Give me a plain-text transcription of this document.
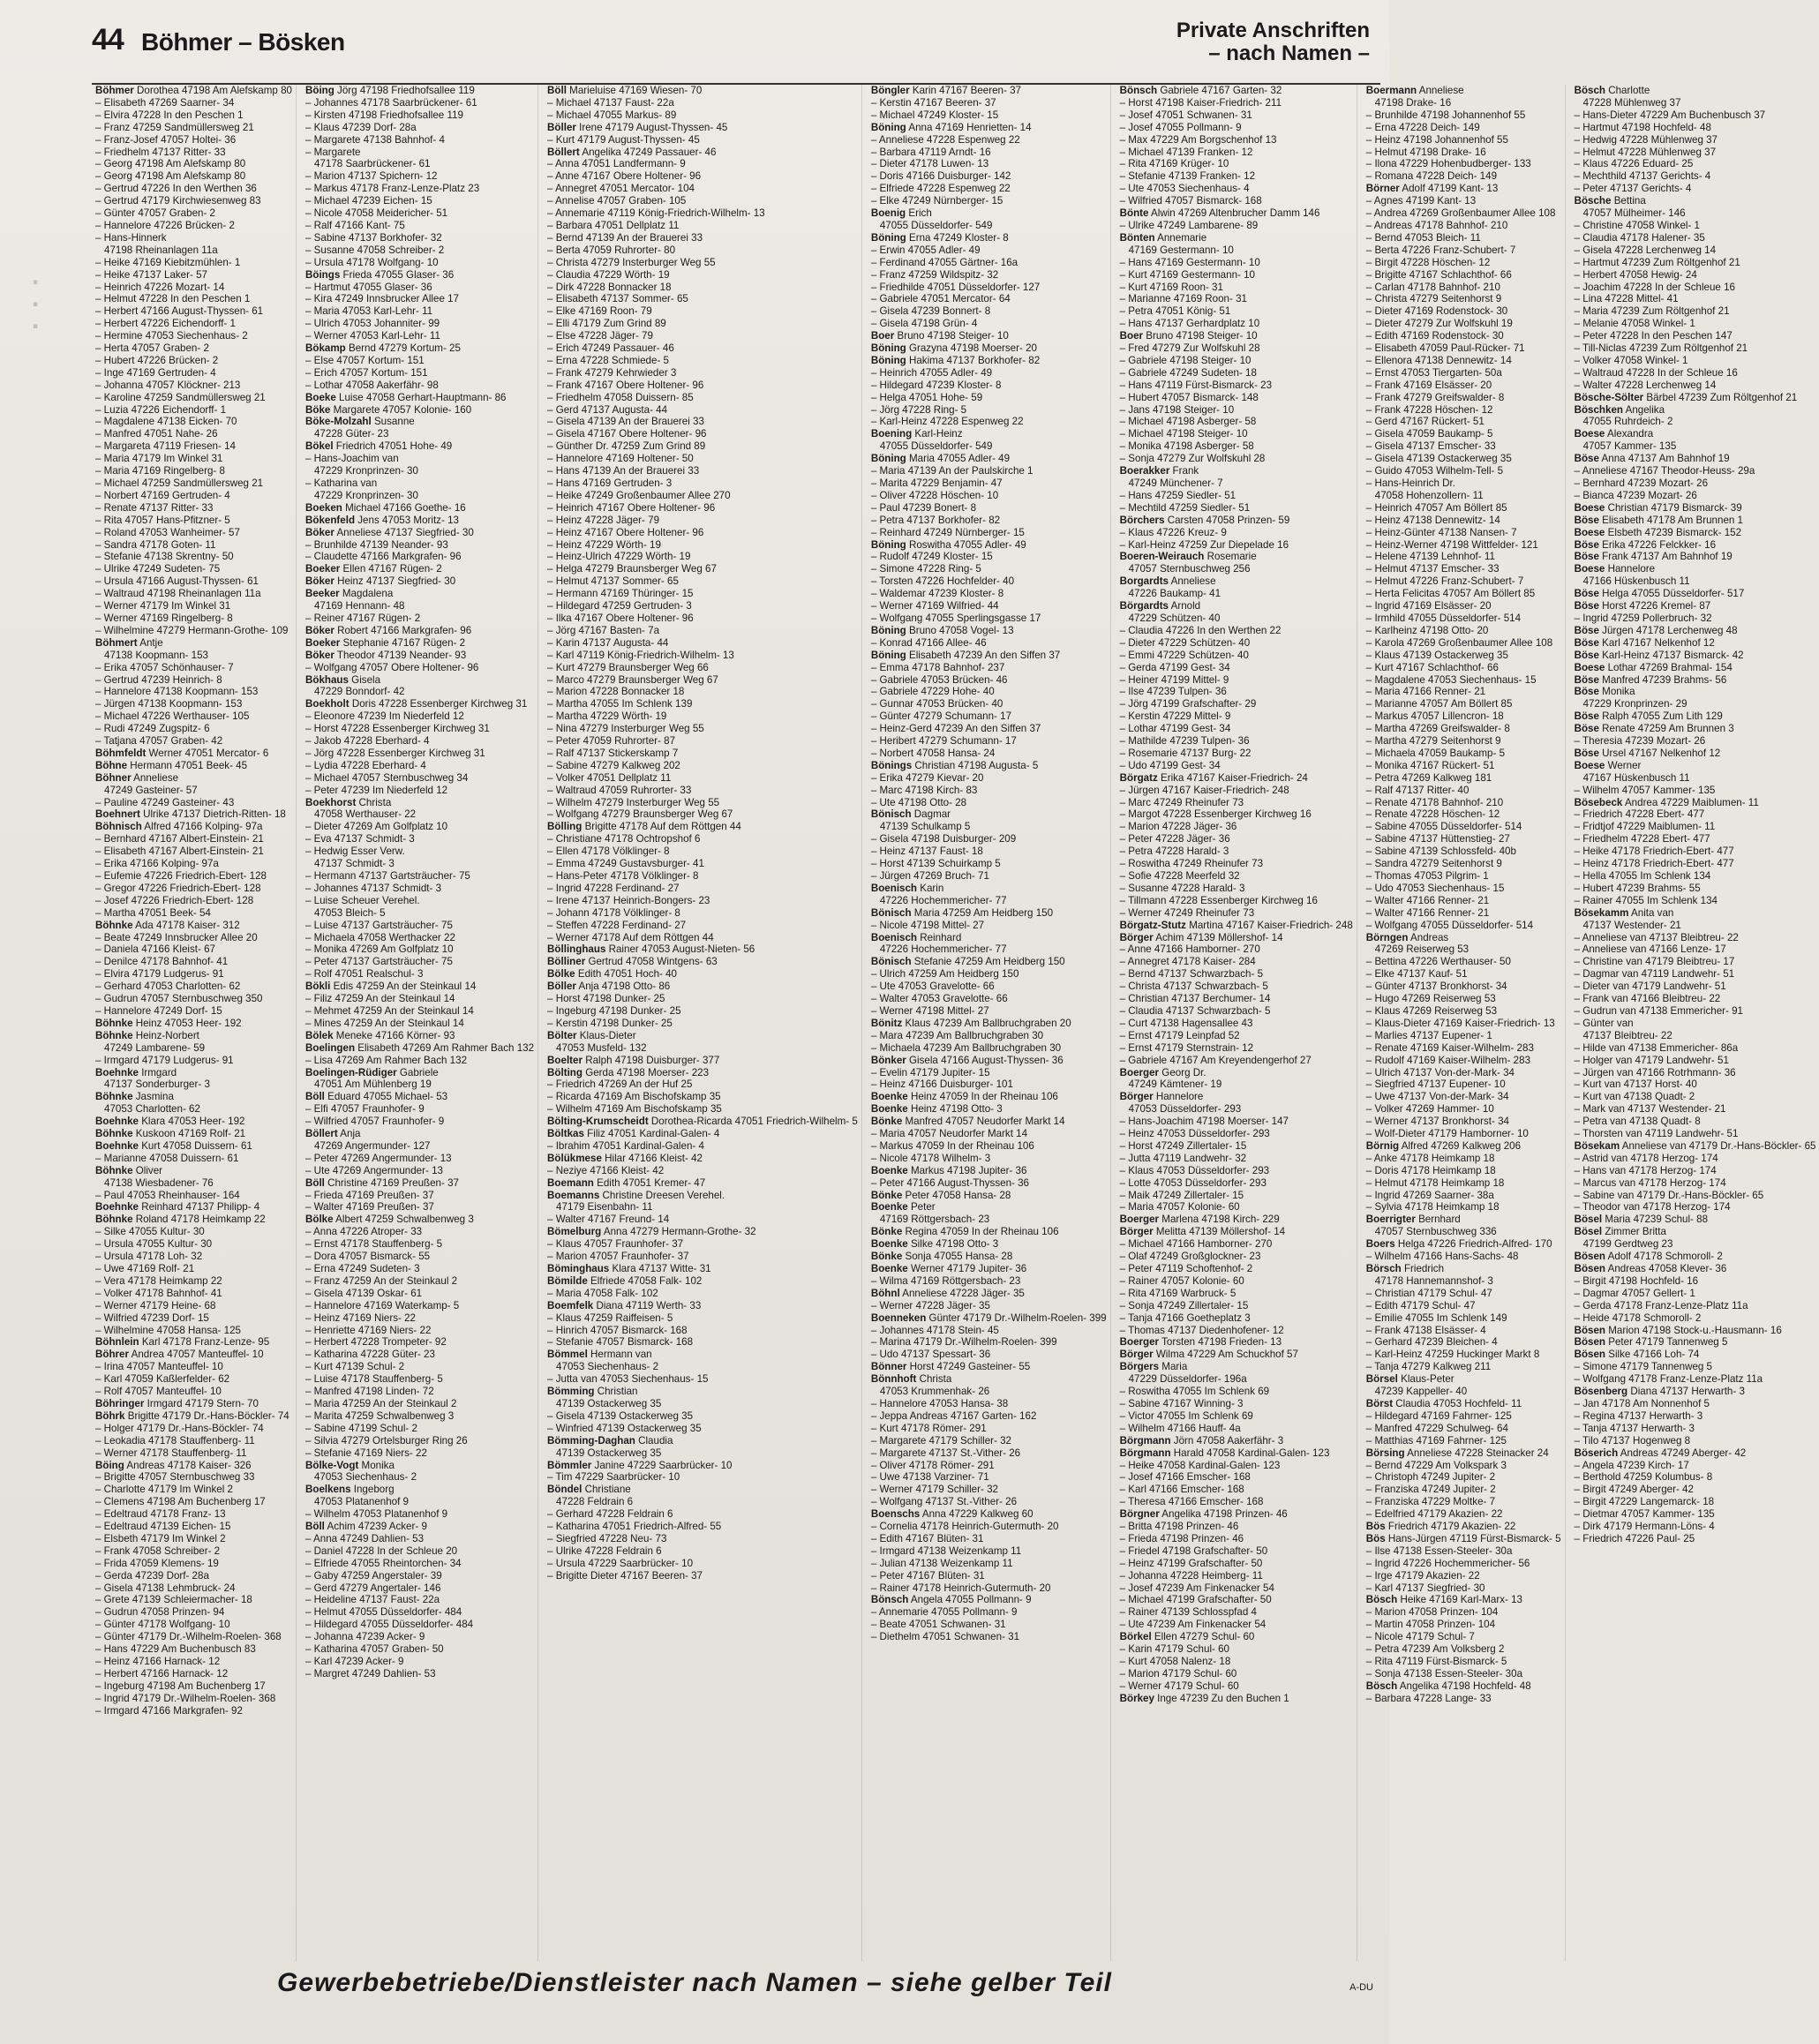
▪ ▪ ▪
44 Böhmer – Bösken	Private Anschriften
– nach Namen –
Böhmer Dorothea 47198 Am Alefskamp 80
– Elisabeth 47269 Saarner- 34
– Elvira 47228 In den Peschen 1
– Franz 47259 Sandmüllersweg 21
– Franz-Josef 47057 Holtei- 36
– Friedhelm 47137 Ritter- 33
– Georg 47198 Am Alefskamp 80
– Georg 47198 Am Alefskamp 80
– Gertrud 47226 In den Werthen 36
– Gertrud 47179 Kirchwiesenweg 83
– Günter 47057 Graben- 2
– Hannelore 47226 Brücken- 2
– Hans-Hinnerk
47198 Rheinanlagen 11a
– Heike 47169 Kiebitzmühlen- 1
– Heike 47137 Laker- 57
– Heinrich 47226 Mozart- 14
– Helmut 47228 In den Peschen 1
– Herbert 47166 August-Thyssen- 61
– Herbert 47226 Eichendorff- 1
– Hermine 47053 Siechenhaus- 2
– Herta 47057 Graben- 2
– Hubert 47226 Brücken- 2
– Inge 47169 Gertruden- 4
– Johanna 47057 Klöckner- 213
– Karoline 47259 Sandmüllersweg 21
– Luzia 47226 Eichendorff- 1
– Magdalene 47138 Eicken- 70
– Manfred 47051 Nahe- 26
– Margareta 47119 Friesen- 14
– Maria 47179 Im Winkel 31
– Maria 47169 Ringelberg- 8
– Michael 47259 Sandmüllersweg 21
– Norbert 47169 Gertruden- 4
– Renate 47137 Ritter- 33
– Rita 47057 Hans-Pfitzner- 5
– Roland 47053 Wanheimer- 57
– Sandra 47178 Goten- 11
– Stefanie 47138 Skrentny- 50
– Ulrike 47249 Sudeten- 75
– Ursula 47166 August-Thyssen- 61
– Waltraud 47198 Rheinanlagen 11a
– Werner 47179 Im Winkel 31
– Werner 47169 Ringelberg- 8
– Wilhelmine 47279 Hermann-Grothe- 109
Böhmert Antje
47138 Koopmann- 153
– Erika 47057 Schönhauser- 7
– Gertrud 47239 Heinrich- 8
– Hannelore 47138 Koopmann- 153
– Jürgen 47138 Koopmann- 153
– Michael 47226 Werthauser- 105
– Rudi 47249 Zugspitz- 6
– Tatjana 47057 Graben- 42
Böhmfeldt Werner 47051 Mercator- 6
Böhne Hermann 47051 Beek- 45
Böhner Anneliese
47249 Gasteiner- 57
– Pauline 47249 Gasteiner- 43
Boehnert Ulrike 47137 Dietrich-Ritten- 18
Böhnisch Alfred 47166 Kolping- 97a
– Bernhard 47167 Albert-Einstein- 21
– Elisabeth 47167 Albert-Einstein- 21
– Erika 47166 Kolping- 97a
– Eufemie 47226 Friedrich-Ebert- 128
– Gregor 47226 Friedrich-Ebert- 128
– Josef 47226 Friedrich-Ebert- 128
– Martha 47051 Beek- 54
Böhnke Ada 47178 Kaiser- 312
– Beate 47249 Innsbrucker Allee 20
– Daniela 47166 Kleist- 67
– Denilce 47178 Bahnhof- 41
– Elvira 47179 Ludgerus- 91
– Gerhard 47053 Charlotten- 62
– Gudrun 47057 Sternbuschweg 350
– Hannelore 47249 Dorf- 15
Böhnke Heinz 47053 Heer- 192
Böhnke Heinz-Norbert
47249 Lambarene- 59
– Irmgard 47179 Ludgerus- 91
Boehnke Irmgard
47137 Sonderburger- 3
Böhnke Jasmina
47053 Charlotten- 62
Boehnke Klara 47053 Heer- 192
Böhnke Kuskoon 47169 Rolf- 21
Boehnke Kurt 47058 Duissern- 61
– Marianne 47058 Duissern- 61
Böhnke Oliver
47138 Wiesbadener- 76
– Paul 47053 Rheinhauser- 164
Boehnke Reinhard 47137 Philipp- 4
Böhnke Roland 47178 Heimkamp 22
– Silke 47055 Kultur- 30
– Ursula 47055 Kultur- 30
– Ursula 47178 Loh- 32
– Uwe 47169 Rolf- 21
– Vera 47178 Heimkamp 22
– Volker 47178 Bahnhof- 41
– Werner 47179 Heine- 68
– Wilfried 47239 Dorf- 15
– Wilhelmine 47058 Hansa- 125
Böhnlein Karl 47178 Franz-Lenze- 95
Böhrer Andrea 47057 Manteuffel- 10
– Irina 47057 Manteuffel- 10
– Karl 47059 Kaßlerfelder- 62
– Rolf 47057 Manteuffel- 10
Böhringer Irmgard 47179 Stern- 70
Böhrk Brigitte 47179 Dr.-Hans-Böckler- 74
– Holger 47179 Dr.-Hans-Böckler- 74
– Leokadia 47178 Stauffenberg- 11
– Werner 47178 Stauffenberg- 11
Böing Andreas 47178 Kaiser- 326
– Brigitte 47057 Sternbuschweg 33
– Charlotte 47179 Im Winkel 2
– Clemens 47198 Am Buchenberg 17
– Edeltraud 47178 Franz- 13
– Edeltraud 47139 Eichen- 15
– Elsbeth 47179 Im Winkel 2
– Frank 47058 Schreiber- 2
– Frida 47059 Klemens- 19
– Gerda 47239 Dorf- 28a
– Gisela 47138 Lehmbruck- 24
– Grete 47139 Schleiermacher- 18
– Gudrun 47058 Prinzen- 94
– Günter 47178 Wolfgang- 10
– Günter 47179 Dr.-Wilhelm-Roelen- 368
– Hans 47229 Am Buchenbusch 83
– Heinz 47166 Harnack- 12
– Herbert 47166 Harnack- 12
– Ingeburg 47198 Am Buchenberg 17
– Ingrid 47179 Dr.-Wilhelm-Roelen- 368
– Irmgard 47166 Markgrafen- 92
Böing Jörg 47198 Friedhofsallee 119
– Johannes 47178 Saarbrückener- 61
– Kirsten 47198 Friedhofsallee 119
– Klaus 47239 Dorf- 28a
– Margarete 47138 Bahnhof- 4
– Margarete
47178 Saarbrückener- 61
– Marion 47137 Spichern- 12
– Markus 47178 Franz-Lenze-Platz 23
– Michael 47239 Eichen- 15
– Nicole 47058 Meidericher- 51
– Ralf 47166 Kant- 75
– Sabine 47137 Borkhofer- 32
– Susanne 47058 Schreiber- 2
– Ursula 47178 Wolfgang- 10
Böings Frieda 47055 Glaser- 36
– Hartmut 47055 Glaser- 36
– Kira 47249 Innsbrucker Allee 17
– Maria 47053 Karl-Lehr- 11
– Ulrich 47053 Johanniter- 99
– Werner 47053 Karl-Lehr- 11
Bökamp Bernd 47279 Kortum- 25
– Else 47057 Kortum- 151
– Erich 47057 Kortum- 151
– Lothar 47058 Aakerfähr- 98
Boeke Luise 47058 Gerhart-Hauptmann- 86
Böke Margarete 47057 Kolonie- 160
Böke-Molzahl Susanne
47228 Güter- 23
Bökel Friedrich 47051 Hohe- 49
– Hans-Joachim van
47229 Kronprinzen- 30
– Katharina van
47229 Kronprinzen- 30
Boeken Michael 47166 Goethe- 16
Bökenfeld Jens 47053 Moritz- 13
Böker Anneliese 47137 Siegfried- 30
– Brunhilde 47139 Neander- 93
– Claudette 47166 Markgrafen- 96
Boeker Ellen 47167 Rügen- 2
Böker Heinz 47137 Siegfried- 30
Beeker Magdalena
47169 Hennann- 48
– Reiner 47167 Rügen- 2
Böker Robert 47166 Markgrafen- 96
Boeker Stephanie 47167 Rügen- 2
Böker Theodor 47139 Neander- 93
– Wolfgang 47057 Obere Holtener- 96
Bökhaus Gisela
47229 Bonndorf- 42
Boekholt Doris 47228 Essenberger Kirchweg 31
– Eleonore 47239 Im Niederfeld 12
– Horst 47228 Essenberger Kirchweg 31
– Jakob 47228 Eberhard- 4
– Jörg 47228 Essenberger Kirchweg 31
– Lydia 47228 Eberhard- 4
– Michael 47057 Sternbuschweg 34
– Peter 47239 Im Niederfeld 12
Boekhorst Christa
47058 Werthauser- 22
– Dieter 47269 Am Golfplatz 10
– Eva 47137 Schmidt- 3
– Hedwig Esser Verw.
47137 Schmidt- 3
– Hermann 47137 Gartsträucher- 75
– Johannes 47137 Schmidt- 3
– Luise Scheuer Verehel.
47053 Bleich- 5
– Luise 47137 Gartsträucher- 75
– Michaela 47058 Werthacker 22
– Monika 47269 Am Golfplatz 10
– Peter 47137 Gartsträucher- 75
– Rolf 47051 Realschul- 3
Bökli Edis 47259 An der Steinkaul 14
– Filiz 47259 An der Steinkaul 14
– Mehmet 47259 An der Steinkaul 14
– Mines 47259 An der Steinkaul 14
Bölek Meneke 47166 Körner- 93
Boelingen Elisabeth 47269 Am Rahmer Bach 132
– Lisa 47269 Am Rahmer Bach 132
Boelingen-Rüdiger Gabriele
47051 Am Mühlenberg 19
Böll Eduard 47055 Michael- 53
– Elfi 47057 Fraunhofer- 9
– Wilfried 47057 Fraunhofer- 9
Böllert Anja
47269 Angermunder- 127
– Peter 47269 Angermunder- 13
– Ute 47269 Angermunder- 13
Böll Christine 47169 Preußen- 37
– Frieda 47169 Preußen- 37
– Walter 47169 Preußen- 37
Bölke Albert 47259 Schwalbenweg 3
– Anna 47226 Atroper- 33
– Ernst 47178 Stauffenberg- 5
– Dora 47057 Bismarck- 55
– Erna 47249 Sudeten- 3
– Franz 47259 An der Steinkaul 2
– Gisela 47139 Oskar- 61
– Hannelore 47169 Waterkamp- 5
– Heinz 47169 Niers- 22
– Henriette 47169 Niers- 22
– Herbert 47228 Trompeter- 92
– Katharina 47228 Güter- 23
– Kurt 47139 Schul- 2
– Luise 47178 Stauffenberg- 5
– Manfred 47198 Linden- 72
– Maria 47259 An der Steinkaul 2
– Marita 47259 Schwalbenweg 3
– Sabine 47199 Schul- 2
– Silvia 47279 Ortelsburger Ring 26
– Stefanie 47169 Niers- 22
Bölke-Vogt Monika
47053 Siechenhaus- 2
Boelkens Ingeborg
47053 Platanenhof 9
– Wilhelm 47053 Platanenhof 9
Böll Achim 47239 Acker- 9
– Anna 47249 Dahlien- 53
– Daniel 47228 In der Schleue 20
– Elfriede 47055 Rheintorchen- 34
– Gaby 47259 Angerstaler- 39
– Gerd 47279 Angertaler- 146
– Heideline 47137 Faust- 22a
– Helmut 47055 Düsseldorfer- 484
– Hildegard 47055 Düsseldorfer- 484
– Johanna 47239 Acker- 9
– Katharina 47057 Graben- 50
– Karl 47239 Acker- 9
– Margret 47249 Dahlien- 53
Böll Marieluise 47169 Wiesen- 70
– Michael 47137 Faust- 22a
– Michael 47055 Markus- 89
Böller Irene 47179 August-Thyssen- 45
– Kurt 47179 August-Thyssen- 45
Böllert Angelika 47249 Passauer- 46
– Anna 47051 Landfermann- 9
– Anne 47167 Obere Holtener- 96
– Annegret 47051 Mercator- 104
– Annelise 47057 Graben- 105
– Annemarie 47119 König-Friedrich-Wilhelm- 13
– Barbara 47051 Dellplatz 11
– Bernd 47139 An der Brauerei 33
– Berta 47059 Ruhrorter- 80
– Christa 47279 Insterburger Weg 55
– Claudia 47229 Wörth- 19
– Dirk 47228 Bonnacker 18
– Elisabeth 47137 Sommer- 65
– Elke 47169 Roon- 79
– Elli 47179 Zum Grind 89
– Else 47228 Jäger- 79
– Erich 47249 Passauer- 46
– Erna 47228 Schmiede- 5
– Frank 47279 Kehrwieder 3
– Frank 47167 Obere Holtener- 96
– Friedhelm 47058 Duissern- 85
– Gerd 47137 Augusta- 44
– Gisela 47139 An der Brauerei 33
– Gisela 47167 Obere Holtener- 96
– Günther Dr. 47259 Zum Grind 89
– Hannelore 47169 Holtener- 50
– Hans 47139 An der Brauerei 33
– Hans 47169 Gertruden- 3
– Heike 47249 Großenbaumer Allee 270
– Heinrich 47167 Obere Holtener- 96
– Heinz 47228 Jäger- 79
– Heinz 47167 Obere Holtener- 96
– Heinz 47229 Wörth- 19
– Heinz-Ulrich 47229 Wörth- 19
– Helga 47279 Braunsberger Weg 67
– Helmut 47137 Sommer- 65
– Hermann 47169 Thüringer- 15
– Hildegard 47259 Gertruden- 3
– Ilka 47167 Obere Holtener- 96
– Jörg 47167 Basten- 7a
– Karin 47137 Augusta- 44
– Karl 47119 König-Friedrich-Wilhelm- 13
– Kurt 47279 Braunsberger Weg 66
– Marco 47279 Braunsberger Weg 67
– Marion 47228 Bonnacker 18
– Martha 47055 Im Schlenk 139
– Martha 47229 Wörth- 19
– Nina 47279 Insterburger Weg 55
– Peter 47059 Ruhrorter- 87
– Ralf 47137 Stickerskamp 7
– Sabine 47279 Kalkweg 202
– Volker 47051 Dellplatz 11
– Waltraud 47059 Ruhrorter- 33
– Wilhelm 47279 Insterburger Weg 55
– Wolfgang 47279 Braunsberger Weg 67
Bölling Brigitte 47178 Auf dem Röttgen 44
– Christiane 47178 Ochtropshof 6
– Ellen 47178 Völklinger- 8
– Emma 47249 Gustavsburger- 41
– Hans-Peter 47178 Völklinger- 8
– Ingrid 47228 Ferdinand- 27
– Irene 47137 Heinrich-Bongers- 23
– Johann 47178 Völklinger- 8
– Steffen 47228 Ferdinand- 27
– Werner 47178 Auf dem Röttgen 44
Böllinghaus Rainer 47053 August-Nieten- 56
Bölliner Gertrud 47058 Wintgens- 63
Bölke Edith 47051 Hoch- 40
Böller Anja 47198 Otto- 86
– Horst 47198 Dunker- 25
– Ingeburg 47198 Dunker- 25
– Kerstin 47198 Dunker- 25
Bölter Klaus-Dieter
47053 Musfeld- 132
Boelter Ralph 47198 Duisburger- 377
Bölting Gerda 47198 Moerser- 223
– Friedrich 47269 An der Huf 25
– Ricarda 47169 Am Bischofskamp 35
– Wilhelm 47169 Am Bischofskamp 35
Bölting-Krumscheidt Dorothea-Ricarda 47051 Friedrich-Wilhelm- 5
Böltkas Filiz 47051 Kardinal-Galen- 4
– Ibrahim 47051 Kardinal-Galen- 4
Bölükmese Hilar 47166 Kleist- 42
– Neziye 47166 Kleist- 42
Boemann Edith 47051 Kremer- 47
Boemanns Christine Dreesen Verehel.
47179 Eisenbahn- 11
– Walter 47167 Freund- 14
Bömelburg Anna 47279 Hermann-Grothe- 32
– Klaus 47057 Fraunhofer- 37
– Marion 47057 Fraunhofer- 37
Böminghaus Klara 47137 Witte- 31
Bömilde Elfriede 47058 Falk- 102
– Maria 47058 Falk- 102
Boemfelk Diana 47119 Werth- 33
– Klaus 47259 Raiffeisen- 5
– Hinrich 47057 Bismarck- 168
– Stefanie 47057 Bismarck- 168
Bömmel Hermann van
47053 Siechenhaus- 2
– Jutta van 47053 Siechenhaus- 15
Bömming Christian
47139 Ostackerweg 35
– Gisela 47139 Ostackerweg 35
– Winfried 47139 Ostackerweg 35
Bömming-Daghan Claudia
47139 Ostackerweg 35
Bömmler Janine 47229 Saarbrücker- 10
– Tim 47229 Saarbrücker- 10
Böndel Christiane
47228 Feldrain 6
– Gerhard 47228 Feldrain 6
– Katharina 47051 Friedrich-Alfred- 55
– Siegfried 47228 Neu- 73
– Ulrike 47228 Feldrain 6
– Ursula 47229 Saarbrücker- 10
– Brigitte Dieter 47167 Beeren- 37
Böngler Karin 47167 Beeren- 37
– Kerstin 47167 Beeren- 37
– Michael 47249 Kloster- 15
Böning Anna 47169 Henrietten- 14
– Anneliese 47228 Espenweg 22
– Barbara 47119 Arndt- 16
– Dieter 47178 Luwen- 13
– Doris 47166 Duisburger- 142
– Elfriede 47228 Espenweg 22
– Elke 47249 Nürnberger- 15
Boenig Erich
47055 Düsseldorfer- 549
Böning Erna 47249 Kloster- 8
– Erwin 47055 Adler- 49
– Ferdinand 47055 Gärtner- 16a
– Franz 47259 Wildspitz- 32
– Friedhilde 47051 Düsseldorfer- 127
– Gabriele 47051 Mercator- 64
– Gisela 47239 Bonnert- 8
– Gisela 47198 Grün- 4
Boer Bruno 47198 Steiger- 10
Böning Grazyna 47198 Moerser- 20
Böning Hakima 47137 Borkhofer- 82
– Heinrich 47055 Adler- 49
– Hildegard 47239 Kloster- 8
– Helga 47051 Hohe- 59
– Jörg 47228 Ring- 5
– Karl-Heinz 47228 Espenweg 22
Boening Karl-Heinz
47055 Düsseldorfer- 549
Böning Maria 47055 Adler- 49
– Maria 47139 An der Paulskirche 1
– Marita 47229 Benjamin- 47
– Oliver 47228 Höschen- 10
– Paul 47239 Bonert- 8
– Petra 47137 Borkhofer- 82
– Reinhard 47249 Nürnberger- 15
Böning Roswitha 47055 Adler- 49
– Rudolf 47249 Kloster- 15
– Simone 47228 Ring- 5
– Torsten 47226 Hochfelder- 40
– Waldemar 47239 Kloster- 8
– Werner 47169 Wilfried- 44
– Wolfgang 47055 Sperlingsgasse 17
Böning Bruno 47058 Vogel- 13
– Konrad 47166 Allee- 46
Böning Elisabeth 47239 An den Siffen 37
– Emma 47178 Bahnhof- 237
– Gabriele 47053 Brücken- 46
– Gabriele 47229 Hohe- 40
– Gunnar 47053 Brücken- 40
– Günter 47279 Schumann- 17
– Heinz-Gerd 47239 An den Siffen 37
– Heribert 47279 Schumann- 17
– Norbert 47058 Hansa- 24
Bönings Christian 47198 Augusta- 5
– Erika 47279 Kievar- 20
– Marc 47198 Kirch- 83
– Ute 47198 Otto- 28
Bönisch Dagmar
47139 Schulkamp 5
– Gisela 47198 Duisburger- 209
– Heinz 47137 Faust- 18
– Horst 47139 Schuirkamp 5
– Jürgen 47269 Bruch- 71
Boenisch Karin
47226 Hochemmericher- 77
Bönisch Maria 47259 Am Heidberg 150
– Nicole 47198 Mittel- 27
Boenisch Reinhard
47226 Hochemmericher- 77
Bönisch Stefanie 47259 Am Heidberg 150
– Ulrich 47259 Am Heidberg 150
– Ute 47053 Gravelotte- 66
– Walter 47053 Gravelotte- 66
– Werner 47198 Mittel- 27
Bönitz Klaus 47239 Am Ballbruchgraben 20
– Mara 47239 Am Ballbruchgraben 30
– Michaela 47239 Am Ballbruchgraben 30
Bönker Gisela 47166 August-Thyssen- 36
– Evelin 47179 Jupiter- 15
– Heinz 47166 Duisburger- 101
Boenke Heinz 47059 In der Rheinau 106
Boenke Heinz 47198 Otto- 3
Bönke Manfred 47057 Neudorfer Markt 14
– Maria 47057 Neudorfer Markt 14
– Markus 47059 In der Rheinau 106
– Nicole 47178 Wilhelm- 3
Boenke Markus 47198 Jupiter- 36
– Peter 47166 August-Thyssen- 36
Bönke Peter 47058 Hansa- 28
Boenke Peter
47169 Röttgersbach- 23
Bönke Regina 47059 In der Rheinau 106
Boenke Silke 47198 Otto- 3
Bönke Sonja 47055 Hansa- 28
Boenke Werner 47179 Jupiter- 36
– Wilma 47169 Röttgersbach- 23
Böhnl Anneliese 47228 Jäger- 35
– Werner 47228 Jäger- 35
Boenneken Günter 47179 Dr.-Wilhelm-Roelen- 399
– Johannes 47178 Stein- 45
– Marina 47179 Dr.-Wilhelm-Roelen- 399
– Udo 47137 Spessart- 36
Bönner Horst 47249 Gasteiner- 55
Bönnhoft Christa
47053 Krummenhak- 26
– Hannelore 47053 Hansa- 38
– Jeppa Andreas 47167 Garten- 162
– Kurt 47178 Römer- 291
– Margarete 47179 Schiller- 32
– Margarete 47137 St.-Vither- 26
– Oliver 47178 Römer- 291
– Uwe 47138 Varziner- 71
– Werner 47179 Schiller- 32
– Wolfgang 47137 St.-Vither- 26
Boenschs Anna 47229 Kalkweg 60
– Cornelia 47178 Heinrich-Gutermuth- 20
– Edith 47167 Blüten- 31
– Irmgard 47138 Weizenkamp 11
– Julian 47138 Weizenkamp 11
– Peter 47167 Blüten- 31
– Rainer 47178 Heinrich-Gutermuth- 20
Bönsch Angela 47055 Pollmann- 9
– Annemarie 47055 Pollmann- 9
– Beate 47051 Schwanen- 31
– Diethelm 47051 Schwanen- 31
Bönsch Gabriele 47167 Garten- 32
– Horst 47198 Kaiser-Friedrich- 211
– Josef 47051 Schwanen- 31
– Josef 47055 Pollmann- 9
– Max 47229 Am Borgschenhof 13
– Michael 47139 Franken- 12
– Rita 47169 Krüger- 10
– Stefanie 47139 Franken- 12
– Ute 47053 Siechenhaus- 4
– Wilfried 47057 Bismarck- 168
Bönte Alwin 47269 Altenbrucher Damm 146
– Ulrike 47249 Lambarene- 89
Bönten Annemarie
47169 Gestermann- 10
– Hans 47169 Gestermann- 10
– Kurt 47169 Gestermann- 10
– Kurt 47169 Roon- 31
– Marianne 47169 Roon- 31
– Petra 47051 König- 51
– Hans 47137 Gerhardplatz 10
Boer Bruno 47198 Steiger- 10
– Fred 47279 Zur Wolfskuhl 28
– Gabriele 47198 Steiger- 10
– Gabriele 47249 Sudeten- 18
– Hans 47119 Fürst-Bismarck- 23
– Hubert 47057 Bismarck- 148
– Jans 47198 Steiger- 10
– Michael 47198 Asberger- 58
– Michael 47198 Steiger- 10
– Monika 47198 Asberger- 58
– Sonja 47279 Zur Wolfskuhl 28
Boerakker Frank
47249 Münchener- 7
– Hans 47259 Siedler- 51
– Mechtild 47259 Siedler- 51
Börchers Carsten 47058 Prinzen- 59
– Klaus 47226 Kreuz- 9
– Karl-Heinz 47259 Zur Diepelade 16
Boeren-Weirauch Rosemarie
47057 Sternbuschweg 256
Borgardts Anneliese
47226 Baukamp- 41
Börgardts Arnold
47229 Schützen- 40
– Claudia 47226 In den Werthen 22
– Dieter 47229 Schützen- 40
– Emmi 47229 Schützen- 40
– Gerda 47199 Gest- 34
– Heiner 47199 Mittel- 9
– Ilse 47239 Tulpen- 36
– Jörg 47199 Grafschafter- 29
– Kerstin 47229 Mittel- 9
– Lothar 47199 Gest- 34
– Mathilde 47239 Tulpen- 36
– Rosemarie 47137 Burg- 22
– Udo 47199 Gest- 34
Börgatz Erika 47167 Kaiser-Friedrich- 24
– Jürgen 47167 Kaiser-Friedrich- 248
– Marc 47249 Rheinufer 73
– Margot 47228 Essenberger Kirchweg 16
– Marion 47228 Jäger- 36
– Peter 47228 Jäger- 36
– Petra 47228 Harald- 3
– Roswitha 47249 Rheinufer 73
– Sofie 47228 Meerfeld 32
– Susanne 47228 Harald- 3
– Tillmann 47228 Essenberger Kirchweg 16
– Werner 47249 Rheinufer 73
Börgatz-Stutz Martina 47167 Kaiser-Friedrich- 248
Börger Achim 47139 Möllershof- 14
– Anne 47166 Hamborner- 270
– Annegret 47178 Kaiser- 284
– Bernd 47137 Schwarzbach- 5
– Christa 47137 Schwarzbach- 5
– Christian 47137 Berchumer- 14
– Claudia 47137 Schwarzbach- 5
– Curt 47138 Hagensallee 43
– Ernst 47179 Leinpfad 52
– Ernst 47179 Sternstrain- 12
– Gabriele 47167 Am Kreyendengerhof 27
Boerger Georg Dr.
47249 Kämtener- 19
Börger Hannelore
47053 Düsseldorfer- 293
– Hans-Joachim 47198 Moerser- 147
– Heinz 47053 Düsseldorfer- 293
– Horst 47249 Zillertaler- 15
– Jutta 47119 Landwehr- 32
– Klaus 47053 Düsseldorfer- 293
– Lotte 47053 Düsseldorfer- 293
– Maik 47249 Zillertaler- 15
– Maria 47057 Kolonie- 60
Boerger Marlena 47198 Kirch- 229
Börger Melitta 47139 Möllershof- 14
– Michael 47166 Hamborner- 270
– Olaf 47249 Großglockner- 23
– Peter 47119 Schoftenhof- 2
– Rainer 47057 Kolonie- 60
– Rita 47169 Warbruck- 5
– Sonja 47249 Zillertaler- 15
– Tanja 47166 Goetheplatz 3
– Thomas 47137 Diedenhofener- 12
Boerger Torsten 47198 Frieden- 13
Börger Wilma 47229 Am Schuckhof 57
Börgers Maria
47229 Düsseldorfer- 196a
– Roswitha 47055 Im Schlenk 69
– Sabine 47167 Winning- 3
– Victor 47055 Im Schlenk 69
– Wilhelm 47166 Hauff- 4a
Börgmann Jörn 47058 Aakerfähr- 3
Börgmann Harald 47058 Kardinal-Galen- 123
– Heike 47058 Kardinal-Galen- 123
– Josef 47166 Emscher- 168
– Karl 47166 Emscher- 168
– Theresa 47166 Emscher- 168
Börgner Angelika 47198 Prinzen- 46
– Britta 47198 Prinzen- 46
– Frieda 47198 Prinzen- 46
– Friedel 47198 Grafschafter- 50
– Heinz 47199 Grafschafter- 50
– Johanna 47228 Heimberg- 11
– Josef 47239 Am Finkenacker 54
– Michael 47199 Grafschafter- 50
– Rainer 47139 Schlosspfad 4
– Ute 47239 Am Finkenacker 54
Börkel Ellen 47279 Schul- 60
– Karin 47179 Schul- 60
– Kurt 47058 Nalenz- 18
– Marion 47179 Schul- 60
– Werner 47179 Schul- 60
Börkey Inge 47239 Zu den Buchen 1
Boermann Anneliese
47198 Drake- 16
– Brunhilde 47198 Johannenhof 55
– Erna 47228 Deich- 149
– Heinz 47198 Johannenhof 55
– Helmut 47198 Drake- 16
– Ilona 47229 Hohenbudberger- 133
– Romana 47228 Deich- 149
Börner Adolf 47199 Kant- 13
– Agnes 47199 Kant- 13
– Andrea 47269 Großenbaumer Allee 108
– Andreas 47178 Bahnhof- 210
– Bernd 47053 Bleich- 11
– Berta 47226 Franz-Schubert- 7
– Birgit 47228 Höschen- 12
– Brigitte 47167 Schlachthof- 66
– Carlan 47178 Bahnhof- 210
– Christa 47279 Seitenhorst 9
– Dieter 47169 Rodenstock- 30
– Dieter 47279 Zur Wolfskuhl 19
– Edith 47169 Rodenstock- 30
– Elisabeth 47059 Paul-Rücker- 71
– Ellenora 47138 Dennewitz- 14
– Ernst 47053 Tiergarten- 50a
– Frank 47169 Elsässer- 20
– Frank 47279 Greifswalder- 8
– Frank 47228 Höschen- 12
– Gerd 47167 Rückert- 51
– Gisela 47059 Baukamp- 5
– Gisela 47137 Emscher- 33
– Gisela 47139 Ostackerweg 35
– Guido 47053 Wilhelm-Tell- 5
– Hans-Heinrich Dr.
47058 Hohenzollern- 11
– Heinrich 47057 Am Böllert 85
– Heinz 47138 Dennewitz- 14
– Heinz-Günter 47138 Nansen- 7
– Heinz-Werner 47198 Wittfelder- 121
– Helene 47139 Lehnhof- 11
– Helmut 47137 Emscher- 33
– Helmut 47226 Franz-Schubert- 7
– Herta Felicitas 47057 Am Böllert 85
– Ingrid 47169 Elsässer- 20
– Irmhild 47055 Düsseldorfer- 514
– Karlheinz 47198 Otto- 20
– Karola 47269 Großenbaumer Allee 108
– Klaus 47139 Ostackerweg 35
– Kurt 47167 Schlachthof- 66
– Magdalene 47053 Siechenhaus- 15
– Maria 47166 Renner- 21
– Marianne 47057 Am Böllert 85
– Markus 47057 Lillencron- 18
– Martha 47269 Greifswalder- 8
– Martha 47279 Seitenhorst 9
– Michaela 47059 Baukamp- 5
– Monika 47167 Rückert- 51
– Petra 47269 Kalkweg 181
– Ralf 47137 Ritter- 40
– Renate 47178 Bahnhof- 210
– Renate 47228 Höschen- 12
– Sabine 47055 Düsseldorfer- 514
– Sabine 47137 Hüttenstieg- 27
– Sabine 47139 Schlossfeld- 40b
– Sandra 47279 Seitenhorst 9
– Thomas 47053 Pilgrim- 1
– Udo 47053 Siechenhaus- 15
– Walter 47166 Renner- 21
– Walter 47166 Renner- 21
– Wolfgang 47055 Düsseldorfer- 514
Börngen Andreas
47269 Reiserweg 53
– Bettina 47226 Werthauser- 50
– Elke 47137 Kauf- 51
– Günter 47137 Bronkhorst- 34
– Hugo 47269 Reiserweg 53
– Klaus 47269 Reiserweg 53
– Klaus-Dieter 47169 Kaiser-Friedrich- 13
– Marlies 47137 Eupener- 1
– Renate 47169 Kaiser-Wilhelm- 283
– Rudolf 47169 Kaiser-Wilhelm- 283
– Ulrich 47137 Von-der-Mark- 34
– Siegfried 47137 Eupener- 10
– Uwe 47137 Von-der-Mark- 34
– Volker 47269 Hammer- 10
– Werner 47137 Bronkhorst- 34
– Wolf-Dieter 47179 Hamborner- 10
Börnig Alfred 47269 Kalkweg 206
– Anke 47178 Heimkamp 18
– Doris 47178 Heimkamp 18
– Helmut 47178 Heimkamp 18
– Ingrid 47269 Saarner- 38a
– Sylvia 47178 Heimkamp 18
Boerrigter Bernhard
47057 Sternbuschweg 336
Boers Helga 47226 Friedrich-Alfred- 170
– Wilhelm 47166 Hans-Sachs- 48
Börsch Friedrich
47178 Hannemannshof- 3
– Christian 47179 Schul- 47
– Edith 47179 Schul- 47
– Emilie 47055 Im Schlenk 149
– Frank 47138 Elsässer- 4
– Gerhard 47239 Bleichen- 4
– Karl-Heinz 47259 Huckinger Markt 8
– Tanja 47279 Kalkweg 211
Börsel Klaus-Peter
47239 Kappeller- 40
Börst Claudia 47053 Hochfeld- 11
– Hildegard 47169 Fahrner- 125
– Manfred 47229 Schulweg- 64
– Matthias 47169 Fahrner- 125
Börsing Anneliese 47228 Steinacker 24
– Bernd 47229 Am Volkspark 3
– Christoph 47249 Jupiter- 2
– Franziska 47249 Jupiter- 2
– Franziska 47229 Moltke- 7
– Edelfried 47179 Akazien- 22
Bös Friedrich 47179 Akazien- 22
Bös Hans-Jürgen 47119 Fürst-Bismarck- 5
– Ilse 47138 Essen-Steeler- 30a
– Ingrid 47226 Hochemmericher- 56
– Irge 47179 Akazien- 22
– Karl 47137 Siegfried- 30
Bösch Heike 47169 Karl-Marx- 13
– Marion 47058 Prinzen- 104
– Martin 47058 Prinzen- 104
– Nicole 47179 Schul- 7
– Petra 47239 Am Volksberg 2
– Rita 47119 Fürst-Bismarck- 5
– Sonja 47138 Essen-Steeler- 30a
Bösch Angelika 47198 Hochfeld- 48
– Barbara 47228 Lange- 33
Bösch Charlotte
47228 Mühlenweg 37
– Hans-Dieter 47229 Am Buchenbusch 37
– Hartmut 47198 Hochfeld- 48
– Hedwig 47228 Mühlenweg 37
– Helmut 47228 Mühlenweg 37
– Klaus 47226 Eduard- 25
– Mechthild 47137 Gerichts- 4
– Peter 47137 Gerichts- 4
Bösche Bettina
47057 Mülheimer- 146
– Christine 47058 Winkel- 1
– Claudia 47178 Halener- 35
– Gisela 47228 Lerchenweg 14
– Hartmut 47239 Zum Röltgenhof 21
– Herbert 47058 Hewig- 24
– Joachim 47228 In der Schleue 16
– Lina 47228 Mittel- 41
– Maria 47239 Zum Röltgenhof 21
– Melanie 47058 Winkel- 1
– Peter 47228 In den Peschen 147
– Till-Niclas 47239 Zum Röltgenhof 21
– Volker 47058 Winkel- 1
– Waltraud 47228 In der Schleue 16
– Walter 47228 Lerchenweg 14
Bösche-Sölter Bärbel 47239 Zum Röltgenhof 21
Böschken Angelika
47055 Ruhrdeich- 2
Boese Alexandra
47057 Kammer- 135
Böse Anna 47137 Am Bahnhof 19
– Anneliese 47167 Theodor-Heuss- 29a
– Bernhard 47239 Mozart- 26
– Bianca 47239 Mozart- 26
Boese Christian 47179 Bismarck- 39
Böse Elisabeth 47178 Am Brunnen 1
Boese Elsbeth 47239 Bismarck- 152
Böse Erika 47226 Felckker- 16
Böse Frank 47137 Am Bahnhof 19
Boese Hannelore
47166 Hüskenbusch 11
Böse Helga 47055 Düsseldorfer- 517
Böse Horst 47226 Kremel- 87
– Ingrid 47259 Pollerbruch- 32
Böse Jürgen 47178 Lerchenweg 48
Böse Karl 47167 Nelkenhof 12
Böse Karl-Heinz 47137 Bismarck- 42
Boese Lothar 47269 Brahmal- 154
Böse Manfred 47239 Brahms- 56
Böse Monika
47229 Kronprinzen- 29
Böse Ralph 47055 Zum Lith 129
Böse Renate 47259 Am Brunnen 3
– Theresia 47239 Mozart- 26
Böse Ursel 47167 Nelkenhof 12
Boese Werner
47167 Hüskenbusch 11
– Wilhelm 47057 Kammer- 135
Bösebeck Andrea 47229 Maiblumen- 11
– Friedrich 47228 Ebert- 477
– Fridtjof 47229 Maiblumen- 11
– Friedhelm 47228 Ebert- 477
– Heike 47178 Friedrich-Ebert- 477
– Heinz 47178 Friedrich-Ebert- 477
– Hella 47055 Im Schlenk 134
– Hubert 47239 Brahms- 55
– Rainer 47055 Im Schlenk 134
Bösekamm Anita van
47137 Westender- 21
– Anneliese van 47137 Bleibtreu- 22
– Anneliese van 47166 Lenze- 17
– Christine van 47179 Bleibtreu- 17
– Dagmar van 47119 Landwehr- 51
– Dieter van 47179 Landwehr- 51
– Frank van 47166 Bleibtreu- 22
– Gudrun van 47138 Emmericher- 91
– Günter van
47137 Bleibtreu- 22
– Hilde van 47138 Emmericher- 86a
– Holger van 47179 Landwehr- 51
– Jürgen van 47166 Rotrhmann- 36
– Kurt van 47137 Horst- 40
– Kurt van 47138 Quadt- 2
– Mark van 47137 Westender- 21
– Petra van 47138 Quadt- 8
– Thorsten van 47119 Landwehr- 51
Bösekam Anneliese van 47179 Dr.-Hans-Böckler- 65
– Astrid van 47178 Herzog- 174
– Hans van 47178 Herzog- 174
– Marcus van 47178 Herzog- 174
– Sabine van 47179 Dr.-Hans-Böckler- 65
– Theodor van 47178 Herzog- 174
Bösel Maria 47239 Schul- 88
Bösel Zimmer Britta
47199 Gerdtweg 23
Bösen Adolf 47178 Schmoroll- 2
Bösen Andreas 47058 Klever- 36
– Birgit 47198 Hochfeld- 16
– Dagmar 47057 Gellert- 1
– Gerda 47178 Franz-Lenze-Platz 11a
– Heide 47178 Schmoroll- 2
Bösen Marion 47198 Stock-u.-Hausmann- 16
Bösen Peter 47179 Tannenweg 5
Bösen Silke 47166 Loh- 74
– Simone 47179 Tannenweg 5
– Wolfgang 47178 Franz-Lenze-Platz 11a
Bösenberg Diana 47137 Herwarth- 3
– Jan 47178 Am Nonnenhof 5
– Regina 47137 Herwarth- 3
– Tanja 47137 Herwarth- 3
– Tilo 47137 Hogenweg 8
Böserich Andreas 47249 Aberger- 42
– Angela 47239 Kirch- 17
– Berthold 47259 Kolumbus- 8
– Birgit 47249 Aberger- 42
– Birgit 47229 Langemarck- 18
– Dietmar 47057 Kammer- 135
– Dirk 47179 Hermann-Löns- 4
– Friedrich 47226 Paul- 25
Gewerbebetriebe/Dienstleister nach Namen – siehe gelber Teil	A-DU
